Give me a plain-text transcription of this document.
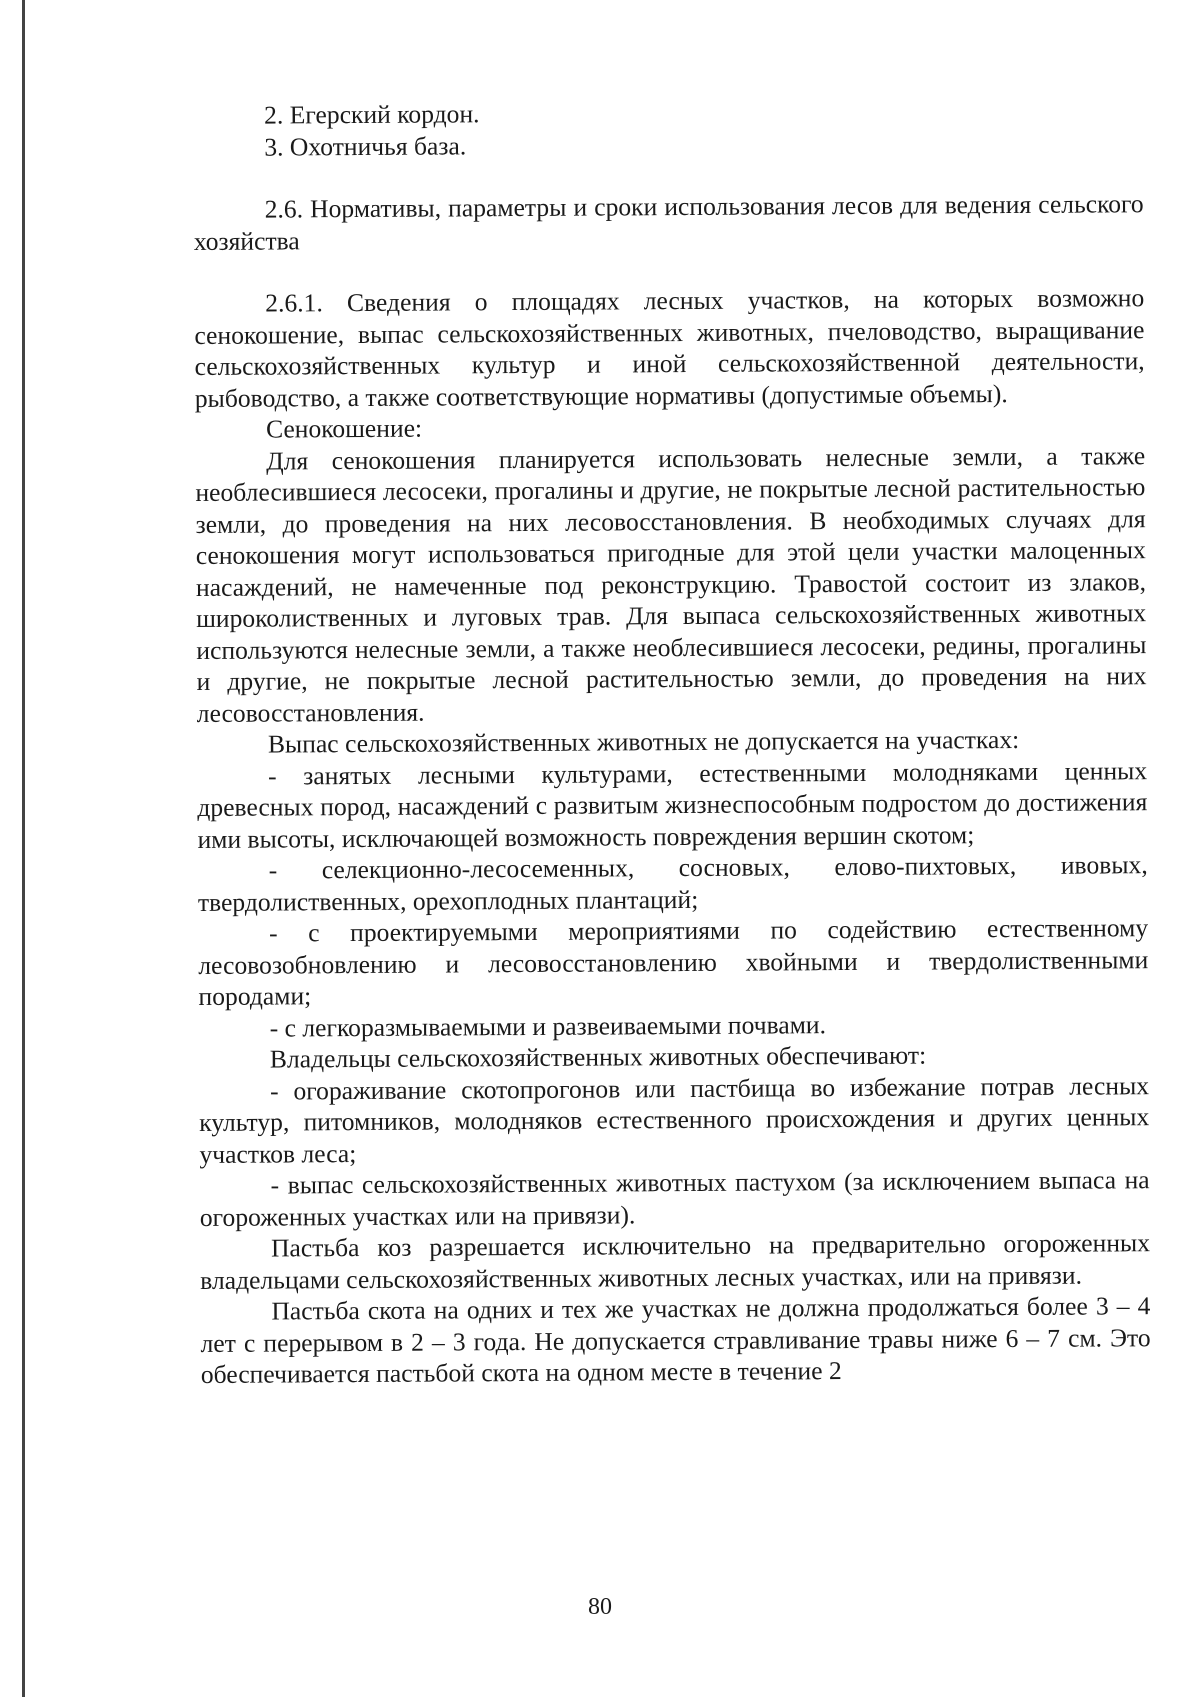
2. Егерский кордон.

3. Охотничья база.

2.6. Нормативы, параметры и сроки использования лесов для ведения сельского хозяйства

2.6.1. Сведения о площадях лесных участков, на которых возможно сенокошение, выпас сельскохозяйственных животных, пчеловодство, выращивание сельскохозяйственных культур и иной сельскохозяйственной деятельности, рыбоводство, а также соответствующие нормативы (допустимые объемы).

Сенокошение:

Для сенокошения планируется использовать нелесные земли, а также необлесившиеся лесосеки, прогалины и другие, не покрытые лесной растительностью земли, до проведения на них лесовосстановления. В необходимых случаях для сенокошения могут использоваться пригодные для этой цели участки малоценных насаждений, не намеченные под реконструкцию. Травостой состоит из злаков, широколиственных и луговых трав. Для выпаса сельскохозяйственных животных используются нелесные земли, а также необлесившиеся лесосеки, редины, прогалины и другие, не покрытые лесной растительностью земли, до проведения на них лесовосстановления.

Выпас сельскохозяйственных животных не допускается на участках:

- занятых лесными культурами, естественными молодняками ценных древесных пород, насаждений с развитым жизнеспособным подростом до достижения ими высоты, исключающей возможность повреждения вершин скотом;

- селекционно-лесосеменных, сосновых, елово-пихтовых, ивовых, твердолиственных, орехоплодных плантаций;

- с проектируемыми мероприятиями по содействию естественному лесовозобновлению и лесовосстановлению хвойными и твердолиственными породами;

- с легкоразмываемыми и развеиваемыми почвами.

Владельцы сельскохозяйственных животных обеспечивают:

- огораживание скотопрогонов или пастбища во избежание потрав лесных культур, питомников, молодняков естественного происхождения и других ценных участков леса;

- выпас сельскохозяйственных животных пастухом (за исключением выпаса на огороженных участках или на привязи).

Пастьба коз разрешается исключительно на предварительно огороженных владельцами сельскохозяйственных животных лесных участках, или на привязи.

Пастьба скота на одних и тех же участках не должна продолжаться более 3 – 4 лет с перерывом в 2 – 3 года. Не допускается стравливание травы ниже 6 – 7 см. Это обеспечивается пастьбой скота на одном месте в течение 2

80
